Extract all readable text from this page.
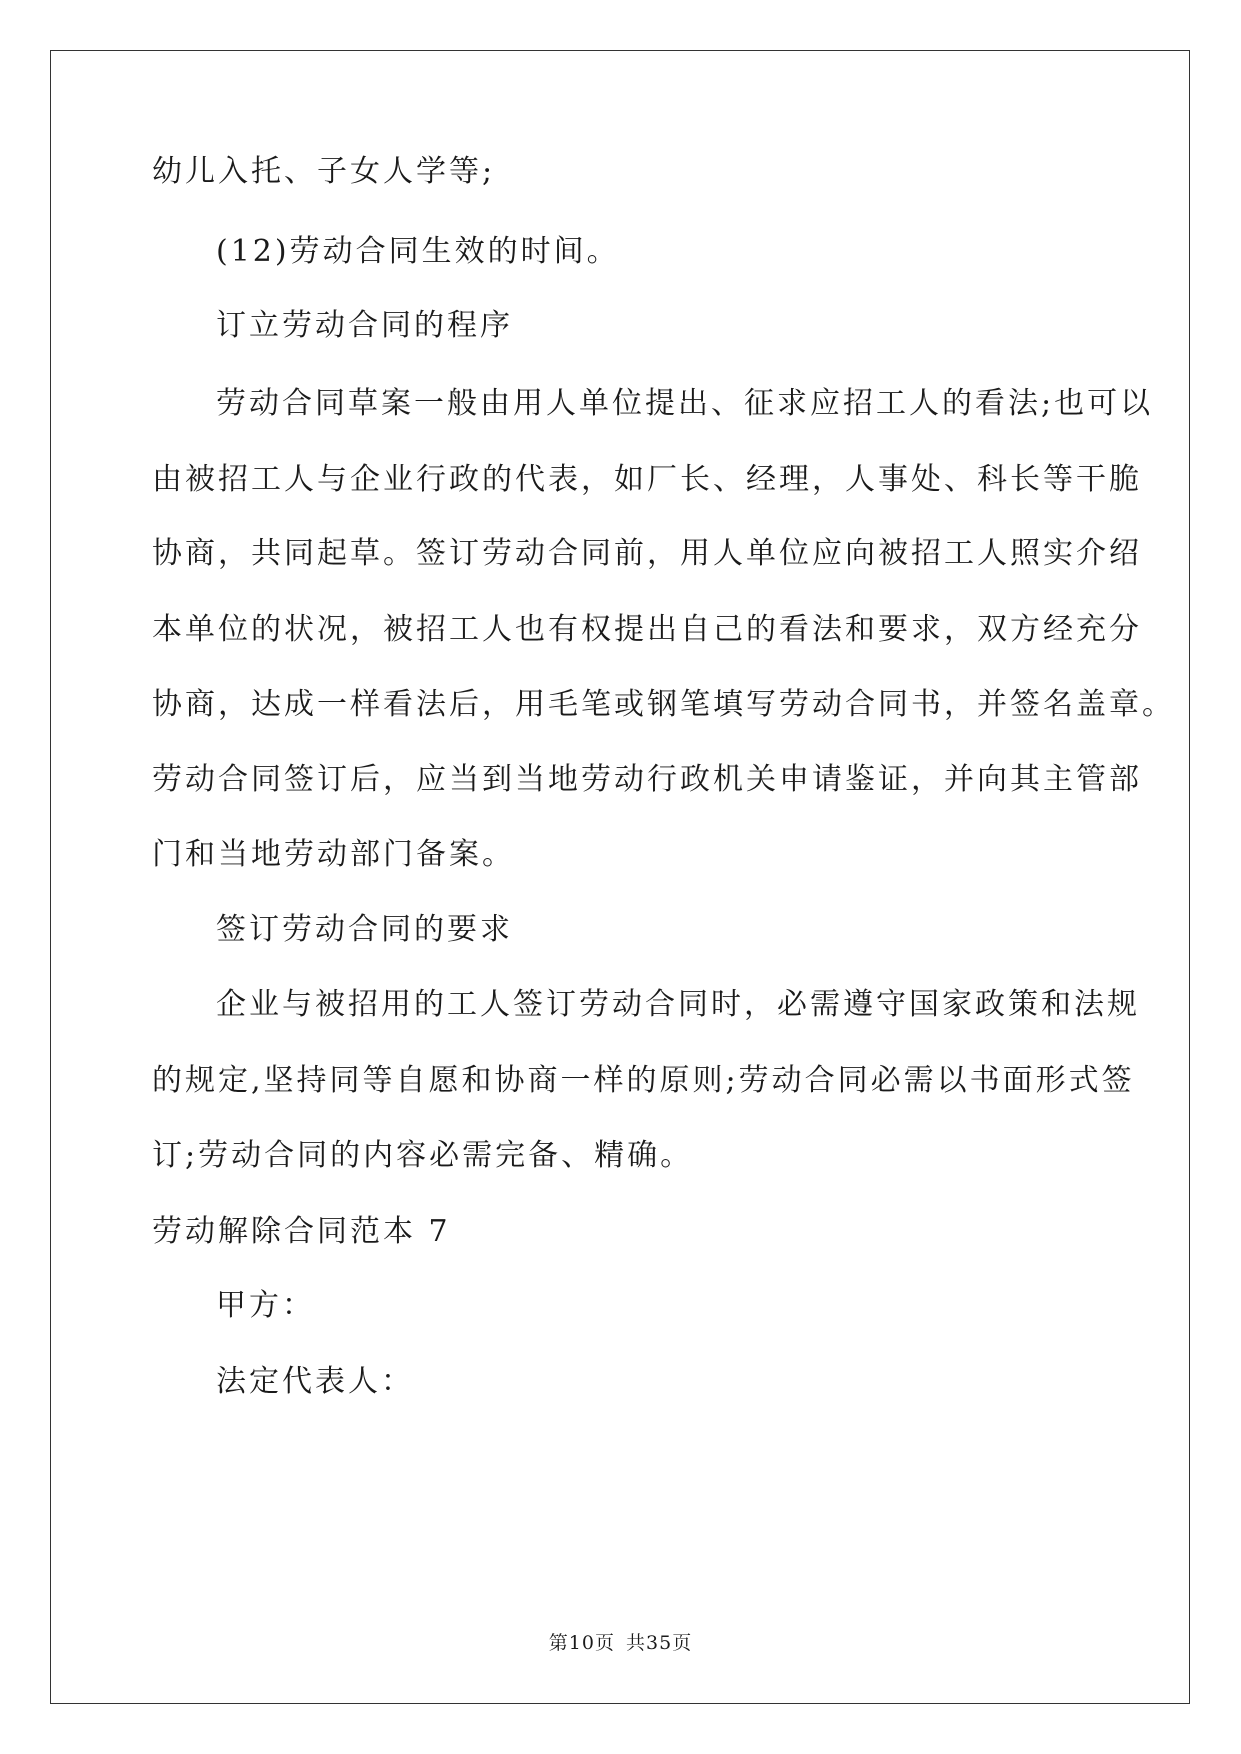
幼儿入托、子女人学等;
(12)劳动合同生效的时间。
订立劳动合同的程序
劳动合同草案一般由用人单位提出、征求应招工人的看法;也可以
由被招工人与企业行政的代表，如厂长、经理，人事处、科长等干脆
协商，共同起草。签订劳动合同前，用人单位应向被招工人照实介绍
本单位的状况，被招工人也有权提出自己的看法和要求，双方经充分
协商，达成一样看法后，用毛笔或钢笔填写劳动合同书，并签名盖章。
劳动合同签订后，应当到当地劳动行政机关申请鉴证，并向其主管部
门和当地劳动部门备案。
签订劳动合同的要求
企业与被招用的工人签订劳动合同时，必需遵守国家政策和法规
的规定,坚持同等自愿和协商一样的原则;劳动合同必需以书面形式签
订;劳动合同的内容必需完备、精确。
劳动解除合同范本 7
甲方：
法定代表人：
第10页 共35页
